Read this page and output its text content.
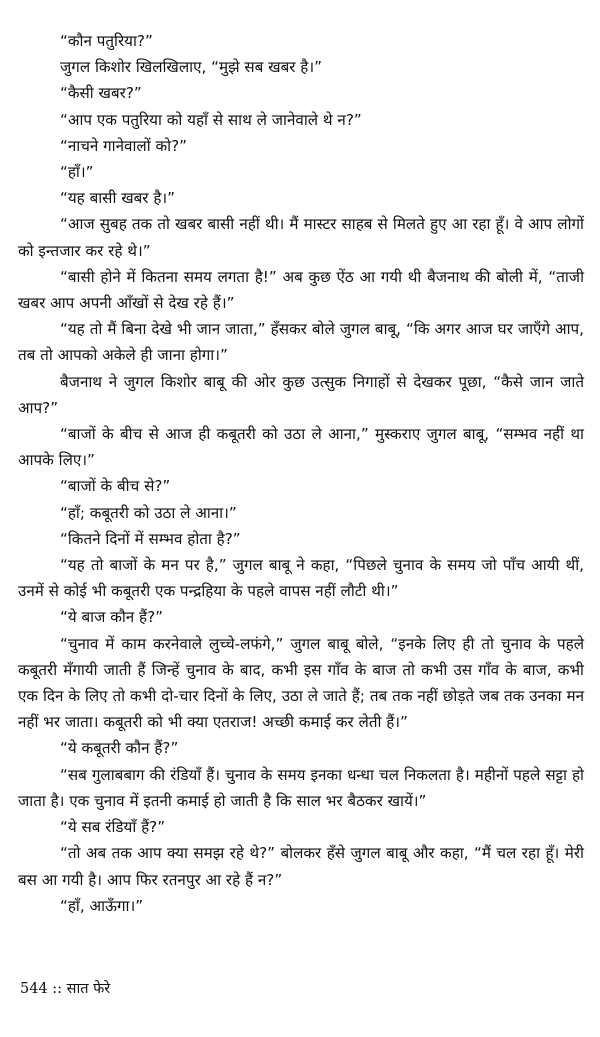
“कौन पतुरिया?”

जुगल किशोर खिलखिलाए, “मुझे सब खबर है।”

“कैसी खबर?”

“आप एक पतुरिया को यहाँ से साथ ले जानेवाले थे न?”

“नाचने गानेवालों को?”

“हाँ।”

“यह बासी खबर है।”

“आज सुबह तक तो खबर बासी नहीं थी। मैं मास्टर साहब से मिलते हुए आ रहा हूँ। वे आप लोगों को इन्तजार कर रहे थे।”

“बासी होने में कितना समय लगता है!” अब कुछ ऐंठ आ गयी थी बैजनाथ की बोली में, “ताजी खबर आप अपनी आँखों से देख रहे हैं।”

“यह तो मैं बिना देखे भी जान जाता,” हँसकर बोले जुगल बाबू, “कि अगर आज घर जाएँगे आप, तब तो आपको अकेले ही जाना होगा।”

बैजनाथ ने जुगल किशोर बाबू की ओर कुछ उत्सुक निगाहों से देखकर पूछा, “कैसे जान जाते आप?”

“बाजों के बीच से आज ही कबूतरी को उठा ले आना,” मुस्कराए जुगल बाबू, “सम्भव नहीं था आपके लिए।”

“बाजों के बीच से?”

“हाँ; कबूतरी को उठा ले आना।”

“कितने दिनों में सम्भव होता है?”

“यह तो बाजों के मन पर है,” जुगल बाबू ने कहा, “पिछले चुनाव के समय जो पाँच आयी थीं, उनमें से कोई भी कबूतरी एक पन्द्रहिया के पहले वापस नहीं लौटी थी।”

“ये बाज कौन हैं?”

“चुनाव में काम करनेवाले लुच्चे-लफंगे,” जुगल बाबू बोले, “इनके लिए ही तो चुनाव के पहले कबूतरी मँगायी जाती हैं जिन्हें चुनाव के बाद, कभी इस गाँव के बाज तो कभी उस गाँव के बाज, कभी एक दिन के लिए तो कभी दो-चार दिनों के लिए, उठा ले जाते हैं; तब तक नहीं छोड़ते जब तक उनका मन नहीं भर जाता। कबूतरी को भी क्या एतराज! अच्छी कमाई कर लेती हैं।”

“ये कबूतरी कौन हैं?”

“सब गुलाबबाग की रंडियाँ हैं। चुनाव के समय इनका धन्धा चल निकलता है। महीनों पहले सट्टा हो जाता है। एक चुनाव में इतनी कमाई हो जाती है कि साल भर बैठकर खायें।”

“ये सब रंडियाँ हैं?”

“तो अब तक आप क्या समझ रहे थे?” बोलकर हँसे जुगल बाबू और कहा, “मैं चल रहा हूँ। मेरी बस आ गयी है। आप फिर रतनपुर आ रहे हैं न?”

“हाँ, आऊँगा।”

544 :: सात फेरे
